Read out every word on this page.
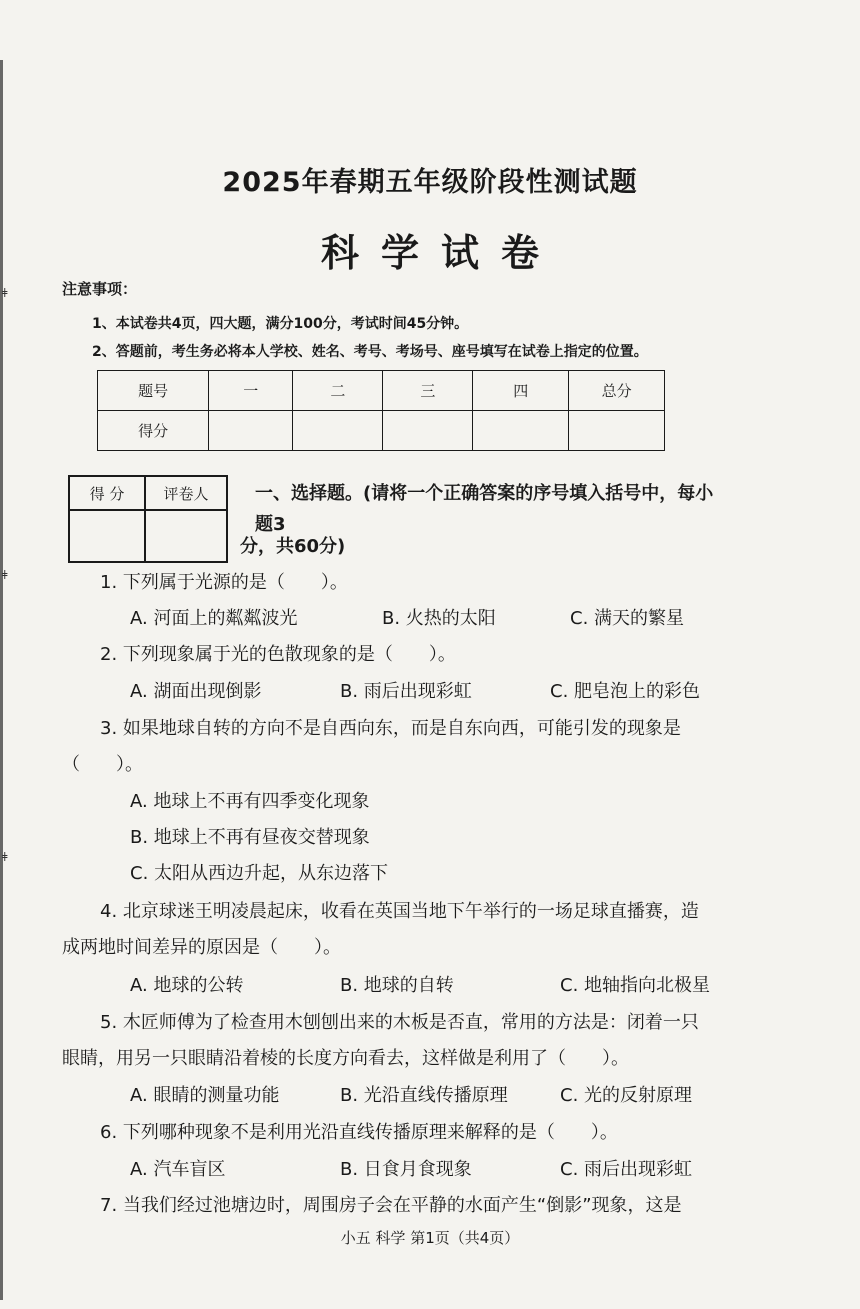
ǂ
ǂ
ǂ
2025年春期五年级阶段性测试题
科学试卷
注意事项：
1、本试卷共4页，四大题，满分100分，考试时间45分钟。
2、答题前，考生务必将本人学校、姓名、考号、考场号、座号填写在试卷上指定的位置。
题号	一	二	三	四	总分
得分					
得 分	评卷人
		一、选择题。(请将一个正确答案的序号填入括号中，每小
题3
分，共60分)
1. 下列属于光源的是（　　）。
A. 河面上的粼粼波光	B. 火热的太阳	C. 满天的繁星
2. 下列现象属于光的色散现象的是（　　）。
A. 湖面出现倒影	B. 雨后出现彩虹	C. 肥皂泡上的彩色
3. 如果地球自转的方向不是自西向东，而是自东向西，可能引发的现象是
（　　）。
A. 地球上不再有四季变化现象
B. 地球上不再有昼夜交替现象
C. 太阳从西边升起，从东边落下
4. 北京球迷王明凌晨起床，收看在英国当地下午举行的一场足球直播赛，造
成两地时间差异的原因是（　　）。
A. 地球的公转	B. 地球的自转	C. 地轴指向北极星
5. 木匠师傅为了检查用木刨刨出来的木板是否直，常用的方法是：闭着一只
眼睛，用另一只眼睛沿着棱的长度方向看去，这样做是利用了（　　）。
A. 眼睛的测量功能	B. 光沿直线传播原理	C. 光的反射原理
6. 下列哪种现象不是利用光沿直线传播原理来解释的是（　　）。
A. 汽车盲区	B. 日食月食现象	C. 雨后出现彩虹
7. 当我们经过池塘边时，周围房子会在平静的水面产生“倒影”现象，这是
小五 科学 第1页（共4页）
